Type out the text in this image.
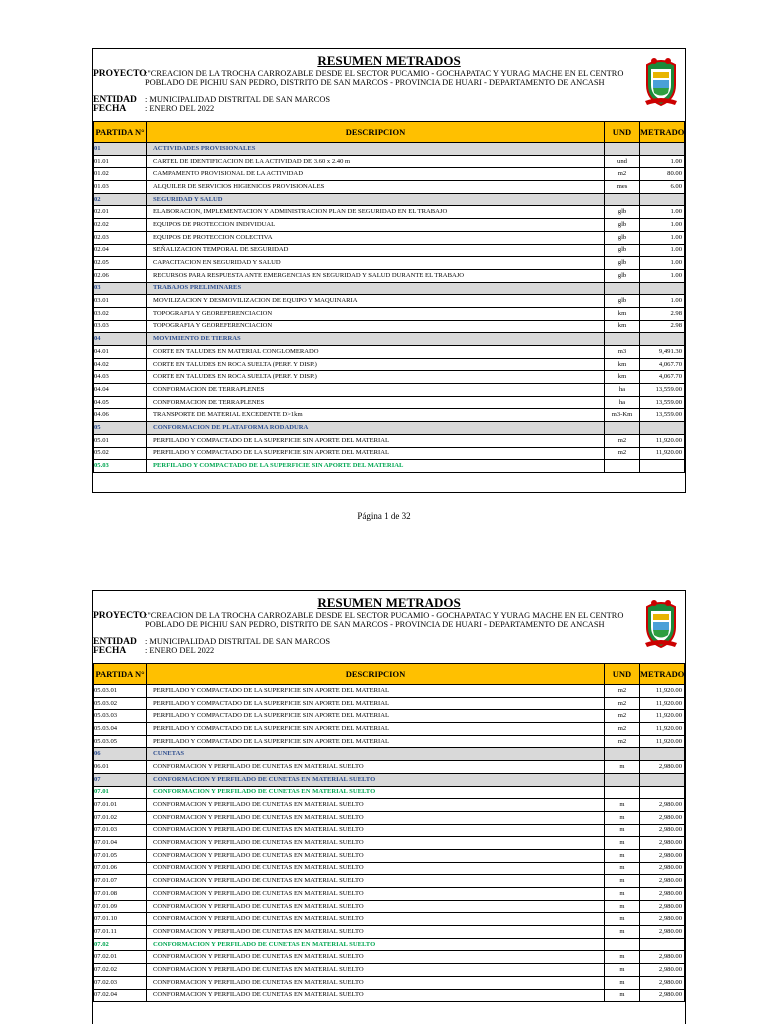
RESUMEN METRADOS
PROYECTO
:"CREACIÓN DE LA TROCHA CARROZABLE DESDE EL SECTOR PUCAMIO - GOCHAPATAC Y YURAG MACHE EN EL CENTRO POBLADO DE PICHIU SAN PEDRO, DISTRITO DE SAN MARCOS - PROVINCIA DE HUARI - DEPARTAMENTO DE ANCASH
ENTIDAD : MUNICIPALIDAD DISTRITAL DE SAN MARCOS
FECHA	: ENERO DEL 2022
PARTIDA N°	DESCRIPCION	UND	METRADO
01	ACTIVIDADES PROVISIONALES		
01.01	CARTEL DE IDENTIFICACION DE LA ACTIVIDAD DE 3.60 x 2.40 m	und	1.00
01.02	CAMPAMENTO PROVISIONAL DE LA ACTIVIDAD	m2	80.00
01.03	ALQUILER DE SERVICIOS HIGIENICOS PROVISIONALES	mes	6.00
02	SEGURIDAD Y SALUD		
02.01	ELABORACION, IMPLEMENTACION Y ADMINISTRACION PLAN DE SEGURIDAD EN EL TRABAJO	glb	1.00
02.02	EQUIPOS DE PROTECCION INDIVIDUAL	glb	1.00
02.03	EQUIPOS DE PROTECCION COLECTIVA	glb	1.00
02.04	SEÑALIZACION TEMPORAL DE SEGURIDAD	glb	1.00
02.05	CAPACITACION EN SEGURIDAD Y SALUD	glb	1.00
02.06	RECURSOS PARA RESPUESTA ANTE EMERGENCIAS EN SEGURIDAD Y SALUD DURANTE EL TRABAJO	glb	1.00
03	TRABAJOS PRELIMINARES		
03.01	MOVILIZACION Y DESMOVILIZACION DE EQUIPO Y MAQUINARIA	glb	1.00
03.02	TOPOGRAFIA Y GEOREFERENCIACION	km	2.98
03.03	TOPOGRAFIA Y GEOREFERENCIACION	km	2.98
04	MOVIMIENTO DE TIERRAS		
04.01	CORTE EN TALUDES EN MATERIAL CONGLOMERADO	m3	9,491.30
04.02	CORTE EN TALUDES EN ROCA SUELTA (PERF. Y DISP.)	km	4,067.70
04.03	CORTE EN TALUDES EN ROCA SUELTA (PERF. Y DISP.)	km	4,067.70
04.04	CONFORMACION DE TERRAPLENES	ha	13,559.00
04.05	CONFORMACION DE TERRAPLENES	ha	13,559.00
04.06	TRANSPORTE DE MATERIAL EXCEDENTE D>1km	m3-Km	13,559.00
05	CONFORMACION DE PLATAFORMA RODADURA		
05.01	PERFILADO Y COMPACTADO DE LA SUPERFICIE SIN APORTE DEL MATERIAL	m2	11,920.00
05.02	PERFILADO Y COMPACTADO DE LA SUPERFICIE SIN APORTE DEL MATERIAL	m2	11,920.00
05.03	PERFILADO Y COMPACTADO DE LA SUPERFICIE SIN APORTE DEL MATERIAL		
Página 1 de 32
RESUMEN METRADOS
PROYECTO
:"CREACIÓN DE LA TROCHA CARROZABLE DESDE EL SECTOR PUCAMIO - GOCHAPATAC Y YURAG MACHE EN EL CENTRO POBLADO DE PICHIU SAN PEDRO, DISTRITO DE SAN MARCOS - PROVINCIA DE HUARI - DEPARTAMENTO DE ANCASH
ENTIDAD : MUNICIPALIDAD DISTRITAL DE SAN MARCOS
FECHA	: ENERO DEL 2022
PARTIDA N°	DESCRIPCION	UND	METRADO
05.03.01	PERFILADO Y COMPACTADO DE LA SUPERFICIE SIN APORTE DEL MATERIAL	m2	11,920.00
05.03.02	PERFILADO Y COMPACTADO DE LA SUPERFICIE SIN APORTE DEL MATERIAL	m2	11,920.00
05.03.03	PERFILADO Y COMPACTADO DE LA SUPERFICIE SIN APORTE DEL MATERIAL	m2	11,920.00
05.03.04	PERFILADO Y COMPACTADO DE LA SUPERFICIE SIN APORTE DEL MATERIAL	m2	11,920.00
05.03.05	PERFILADO Y COMPACTADO DE LA SUPERFICIE SIN APORTE DEL MATERIAL	m2	11,920.00
06	CUNETAS		
06.01	CONFORMACION Y PERFILADO DE CUNETAS EN MATERIAL SUELTO	m	2,980.00
07	CONFORMACION Y PERFILADO DE CUNETAS EN MATERIAL SUELTO		
07.01	CONFORMACION Y PERFILADO DE CUNETAS EN MATERIAL SUELTO		
07.01.01	CONFORMACION Y PERFILADO DE CUNETAS EN MATERIAL SUELTO	m	2,980.00
07.01.02	CONFORMACION Y PERFILADO DE CUNETAS EN MATERIAL SUELTO	m	2,980.00
07.01.03	CONFORMACION Y PERFILADO DE CUNETAS EN MATERIAL SUELTO	m	2,980.00
07.01.04	CONFORMACION Y PERFILADO DE CUNETAS EN MATERIAL SUELTO	m	2,980.00
07.01.05	CONFORMACION Y PERFILADO DE CUNETAS EN MATERIAL SUELTO	m	2,980.00
07.01.06	CONFORMACION Y PERFILADO DE CUNETAS EN MATERIAL SUELTO	m	2,980.00
07.01.07	CONFORMACION Y PERFILADO DE CUNETAS EN MATERIAL SUELTO	m	2,980.00
07.01.08	CONFORMACION Y PERFILADO DE CUNETAS EN MATERIAL SUELTO	m	2,980.00
07.01.09	CONFORMACION Y PERFILADO DE CUNETAS EN MATERIAL SUELTO	m	2,980.00
07.01.10	CONFORMACION Y PERFILADO DE CUNETAS EN MATERIAL SUELTO	m	2,980.00
07.01.11	CONFORMACION Y PERFILADO DE CUNETAS EN MATERIAL SUELTO	m	2,980.00
07.02	CONFORMACION Y PERFILADO DE CUNETAS EN MATERIAL SUELTO		
07.02.01	CONFORMACION Y PERFILADO DE CUNETAS EN MATERIAL SUELTO	m	2,980.00
07.02.02	CONFORMACION Y PERFILADO DE CUNETAS EN MATERIAL SUELTO	m	2,980.00
07.02.03	CONFORMACION Y PERFILADO DE CUNETAS EN MATERIAL SUELTO	m	2,980.00
07.02.04	CONFORMACION Y PERFILADO DE CUNETAS EN MATERIAL SUELTO	m	2,980.00
